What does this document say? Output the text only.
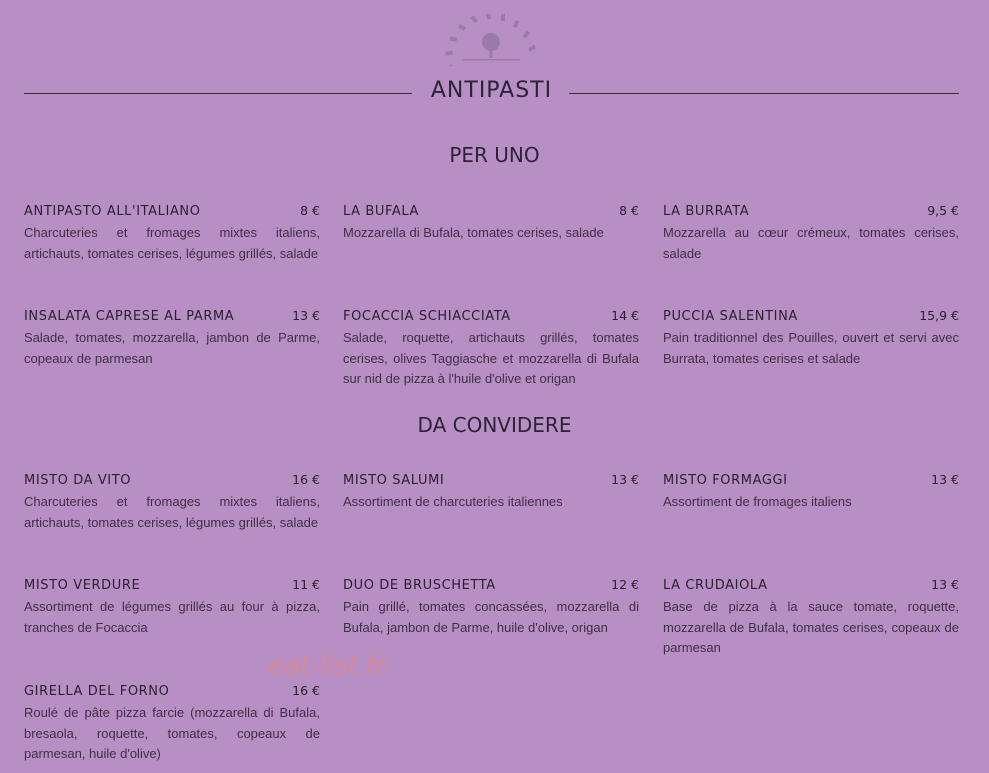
ANTIPASTI
PER UNO
ANTIPASTO ALL'ITALIANO	8 €
Charcuteries et fromages mixtes italiens, artichauts, tomates cerises, légumes grillés, salade
LA BUFALA	8 €
Mozzarella di Bufala, tomates cerises, salade
LA BURRATA	9,5 €
Mozzarella au cœur crémeux, tomates cerises, salade
INSALATA CAPRESE AL PARMA	13 €
Salade, tomates, mozzarella, jambon de Parme, copeaux de parmesan
FOCACCIA SCHIACCIATA	14 €
Salade, roquette, artichauts grillés, tomates cerises, olives Taggiasche et mozzarella di Bufala sur nid de pizza à l'huile d'olive et origan
PUCCIA SALENTINA	15,9 €
Pain traditionnel des Pouilles, ouvert et servi avec Burrata, tomates cerises et salade
DA CONVIDERE
MISTO DA VITO	16 €
Charcuteries et fromages mixtes italiens, artichauts, tomates cerises, légumes grillés, salade
MISTO SALUMI	13 €
Assortiment de charcuteries italiennes
MISTO FORMAGGI	13 €
Assortiment de fromages italiens
MISTO VERDURE	11 €
Assortiment de légumes grillés au four à pizza, tranches de Focaccia
DUO DE BRUSCHETTA	12 €
Pain grillé, tomates concassées, mozzarella di Bufala, jambon de Parme, huile d'olive, origan
LA CRUDAIOLA	13 €
Base de pizza à la sauce tomate, roquette, mozzarella de Bufala, tomates cerises, copeaux de parmesan
GIRELLA DEL FORNO	16 €
Roulé de pâte pizza farcie (mozzarella di Bufala, bresaola, roquette, tomates, copeaux de parmesan, huile d'olive)
eat-list.fr
